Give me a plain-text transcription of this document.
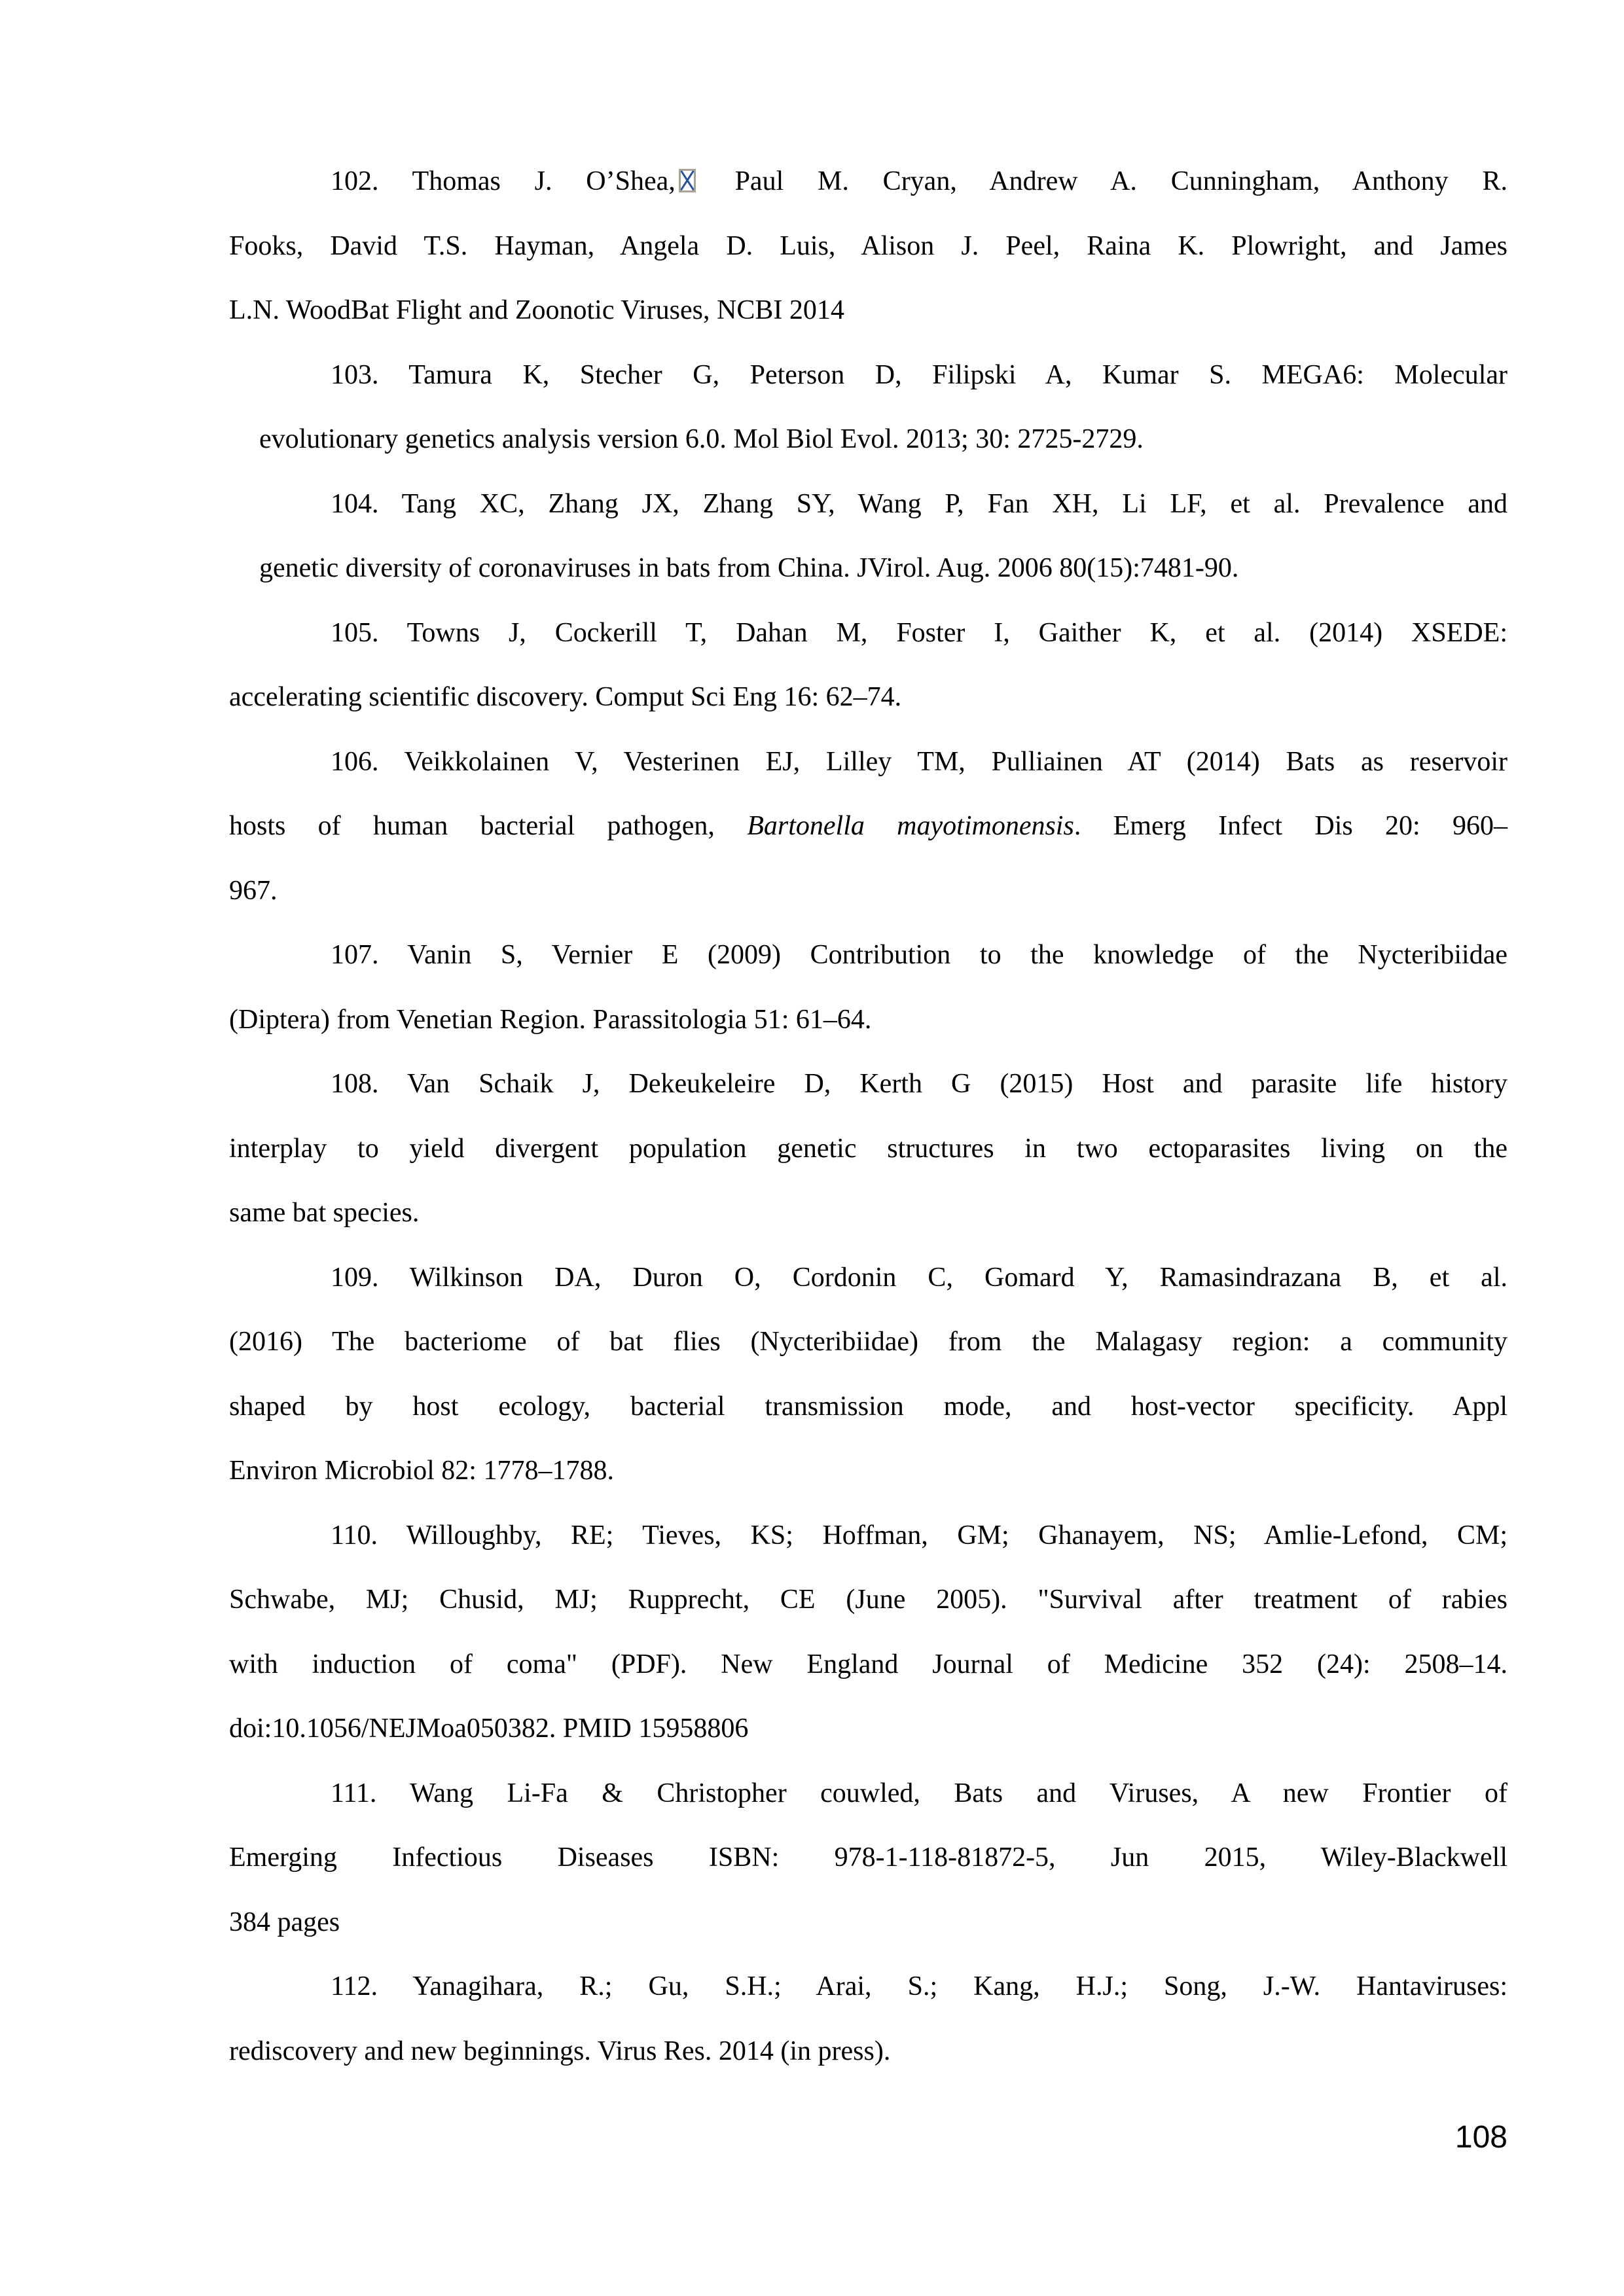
102. Thomas J. O’Shea, Paul M. Cryan, Andrew A. Cunningham, Anthony R.
Fooks, David T.S. Hayman, Angela D. Luis, Alison J. Peel, Raina K. Plowright, and James
L.N. WoodBat Flight and Zoonotic Viruses, NCBI 2014
103. Tamura K, Stecher G, Peterson D, Filipski A, Kumar S. MEGA6: Molecular
evolutionary genetics analysis version 6.0. Mol Biol Evol. 2013; 30: 2725-2729.
104. Tang XC, Zhang JX, Zhang SY, Wang P, Fan XH, Li LF, et al. Prevalence and
genetic diversity of coronaviruses in bats from China. JVirol. Aug. 2006 80(15):7481-90.
105. Towns J, Cockerill T, Dahan M, Foster I, Gaither K, et al. (2014) XSEDE:
accelerating scientific discovery. Comput Sci Eng 16: 62–74.
106. Veikkolainen V, Vesterinen EJ, Lilley TM, Pulliainen AT (2014) Bats as reservoir
hosts of human bacterial pathogen, Bartonella mayotimonensis. Emerg Infect Dis 20: 960–
967.
107. Vanin S, Vernier E (2009) Contribution to the knowledge of the Nycteribiidae
(Diptera) from Venetian Region. Parassitologia 51: 61–64.
108. Van Schaik J, Dekeukeleire D, Kerth G (2015) Host and parasite life history
interplay to yield divergent population genetic structures in two ectoparasites living on the
same bat species.
109. Wilkinson DA, Duron O, Cordonin C, Gomard Y, Ramasindrazana B, et al.
(2016) The bacteriome of bat flies (Nycteribiidae) from the Malagasy region: a community
shaped by host ecology, bacterial transmission mode, and host-vector specificity. Appl
Environ Microbiol 82: 1778–1788.
110. Willoughby, RE; Tieves, KS; Hoffman, GM; Ghanayem, NS; Amlie-Lefond, CM;
Schwabe, MJ; Chusid, MJ; Rupprecht, CE (June 2005). "Survival after treatment of rabies
with induction of coma" (PDF). New England Journal of Medicine 352 (24): 2508–14.
doi:10.1056/NEJMoa050382. PMID 15958806
111. Wang Li-Fa & Christopher couwled, Bats and Viruses, A new Frontier of
Emerging Infectious Diseases ISBN: 978-1-118-81872-5, Jun 2015, Wiley-Blackwell
384 pages
112. Yanagihara, R.; Gu, S.H.; Arai, S.; Kang, H.J.; Song, J.-W. Hantaviruses:
rediscovery and new beginnings. Virus Res. 2014 (in press).
108
